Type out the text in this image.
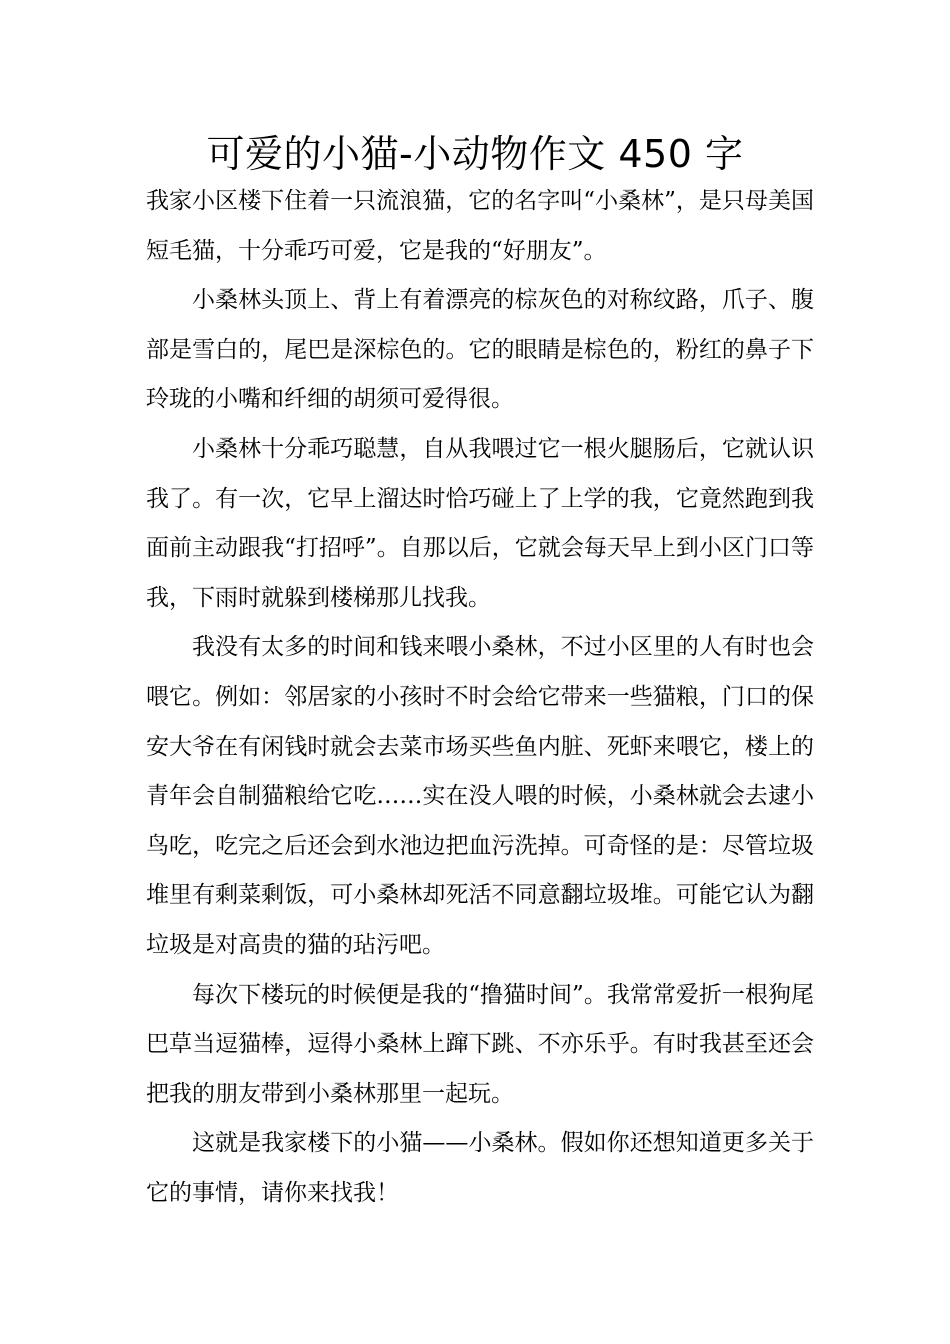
可爱的小猫-小动物作文 450 字

我家小区楼下住着一只流浪猫，它的名字叫“小桑林”，是只母美国短毛猫，十分乖巧可爱，它是我的“好朋友”。

小桑林头顶上、背上有着漂亮的棕灰色的对称纹路，爪子、腹部是雪白的，尾巴是深棕色的。它的眼睛是棕色的，粉红的鼻子下玲珑的小嘴和纤细的胡须可爱得很。

小桑林十分乖巧聪慧，自从我喂过它一根火腿肠后，它就认识我了。有一次，它早上溜达时恰巧碰上了上学的我，它竟然跑到我面前主动跟我“打招呼”。自那以后，它就会每天早上到小区门口等我，下雨时就躲到楼梯那儿找我。

我没有太多的时间和钱来喂小桑林，不过小区里的人有时也会喂它。例如：邻居家的小孩时不时会给它带来一些猫粮，门口的保安大爷在有闲钱时就会去菜市场买些鱼内脏、死虾来喂它，楼上的青年会自制猫粮给它吃……实在没人喂的时候，小桑林就会去逮小鸟吃，吃完之后还会到水池边把血污洗掉。可奇怪的是：尽管垃圾堆里有剩菜剩饭，可小桑林却死活不同意翻垃圾堆。可能它认为翻垃圾是对高贵的猫的玷污吧。

每次下楼玩的时候便是我的“撸猫时间”。我常常爱折一根狗尾巴草当逗猫棒，逗得小桑林上蹿下跳、不亦乐乎。有时我甚至还会把我的朋友带到小桑林那里一起玩。

这就是我家楼下的小猫——小桑林。假如你还想知道更多关于它的事情，请你来找我！
